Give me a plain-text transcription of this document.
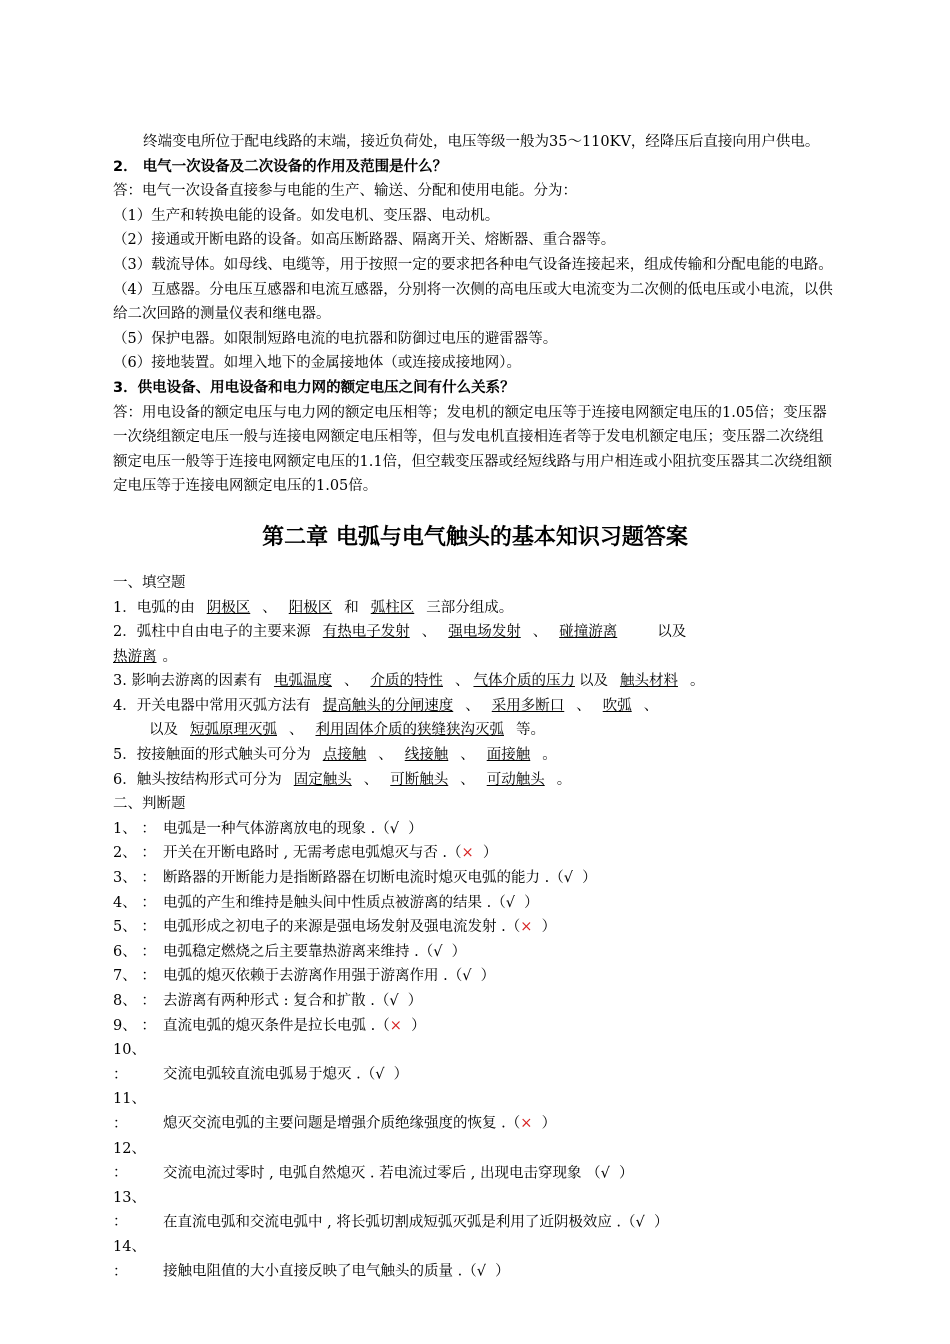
终端变电所位于配电线路的末端，接近负荷处，电压等级一般为35～110KV，经降压后直接向用户供电。

2． 电气一次设备及二次设备的作用及范围是什么？

答：电气一次设备直接参与电能的生产、输送、分配和使用电能。分为：

（1）生产和转换电能的设备。如发电机、变压器、电动机。

（2）接通或开断电路的设备。如高压断路器、隔离开关、熔断器、重合器等。

（3）载流导体。如母线、电缆等，用于按照一定的要求把各种电气设备连接起来，组成传输和分配电能的电路。

（4）互感器。分电压互感器和电流互感器，分别将一次侧的高电压或大电流变为二次侧的低电压或小电流，以供给二次回路的测量仪表和继电器。

（5）保护电器。如限制短路电流的电抗器和防御过电压的避雷器等。

（6）接地装置。如埋入地下的金属接地体（或连接成接地网）。

3．供电设备、用电设备和电力网的额定电压之间有什么关系？

答：用电设备的额定电压与电力网的额定电压相等；发电机的额定电压等于连接电网额定电压的1.05倍；变压器一次绕组额定电压一般与连接电网额定电压相等，但与发电机直接相连者等于发电机额定电压；变压器二次绕组额定电压一般等于连接电网额定电压的1.1倍，但空载变压器或经短线路与用户相连或小阻抗变压器其二次绕组额定电压等于连接电网额定电压的1.05倍。

第二章 电弧与电气触头的基本知识习题答案

一、填空题

1．电弧的由 阴极区 、 阳极区 和 弧柱区 三部分组成。

2．弧柱中自由电子的主要来源 有热电子发射 、 强电场发射 、 碰撞游离	以及
热游离 。

3. 影响去游离的因素有 电弧温度 、 介质的特性 、 气体介质的压力 以及 触头材料 。

4．开关电器中常用灭弧方法有 提高触头的分闸速度 、 采用多断口 、 吹弧 、
以及 短弧原理灭弧 、 利用固体介质的狭缝狭沟灭弧 等。

5．按接触面的形式触头可分为 点接触 、 线接触 、 面接触 。

6．触头按结构形式可分为 固定触头 、 可断触头 、 可动触头 。

二、判断题

1、 ： 电弧是一种气体游离放电的现象 .（√  ）
2、 ： 开关在开断电路时 , 无需考虑电弧熄灭与否 .（×  ）
3、 ： 断路器的开断能力是指断路器在切断电流时熄灭电弧的能力 .（√  ）
4、 ： 电弧的产生和维持是触头间中性质点被游离的结果 .（√  ）
5、 ： 电弧形成之初电子的来源是强电场发射及强电流发射 .（×  ）
6、 ： 电弧稳定燃烧之后主要靠热游离来维持 .（√  ）
7、 ： 电弧的熄灭依赖于去游离作用强于游离作用 .（√  ）
8、 ： 去游离有两种形式 : 复合和扩散 .（√  ）
9、 ： 直流电弧的熄灭条件是拉长电弧 .（×  ）
10、 ： 交流电弧较直流电弧易于熄灭 .（√  ）
11、 ： 熄灭交流电弧的主要问题是增强介质绝缘强度的恢复 .（×  ）
12、 ： 交流电流过零时 , 电弧自然熄灭 . 若电流过零后 , 出现电击穿现象 （√  ）
13、 ： 在直流电弧和交流电弧中 , 将长弧切割成短弧灭弧是利用了近阴极效应 .（√  ）
14、 ： 接触电阻值的大小直接反映了电气触头的质量 .（√  ）
